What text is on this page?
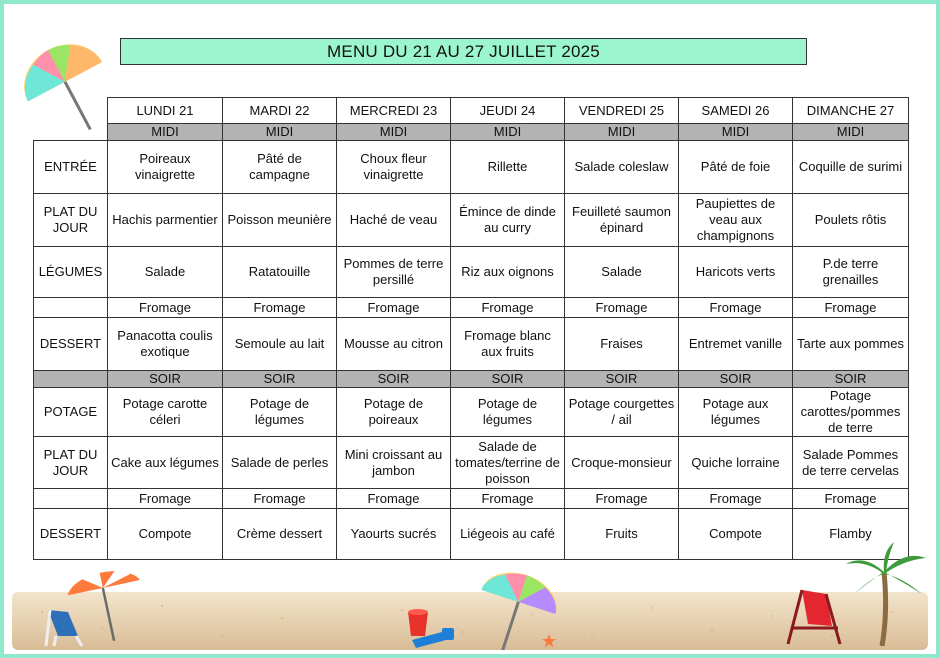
MENU DU 21 AU 27 JUILLET 2025
	LUNDI 21	MARDI 22	MERCREDI 23	JEUDI 24	VENDREDI 25	SAMEDI 26	DIMANCHE 27
	MIDI	MIDI	MIDI	MIDI	MIDI	MIDI	MIDI
ENTRÉE	Poireaux vinaigrette	Pâté de campagne	Choux fleur vinaigrette	Rillette	Salade coleslaw	Pâté de foie	Coquille de surimi
PLAT DU JOUR	Hachis parmentier	Poisson meunière	Haché de veau	Émince de dinde au curry	Feuilleté saumon épinard	Paupiettes de veau aux champignons	Poulets rôtis
LÉGUMES	Salade	Ratatouille	Pommes de terre persillé	Riz aux oignons	Salade	Haricots verts	P.de terre grenailles
	Fromage	Fromage	Fromage	Fromage	Fromage	Fromage	Fromage
DESSERT	Panacotta coulis exotique	Semoule au lait	Mousse au citron	Fromage blanc aux fruits	Fraises	Entremet vanille	Tarte aux pommes
	SOIR	SOIR	SOIR	SOIR	SOIR	SOIR	SOIR
POTAGE	Potage carotte céleri	Potage de légumes	Potage de poireaux	Potage de légumes	Potage courgettes / ail	Potage aux légumes	Potage carottes/pommes de terre
PLAT DU JOUR	Cake aux légumes	Salade de perles	Mini croissant au jambon	Salade de tomates/terrine de poisson	Croque-monsieur	Quiche lorraine	Salade Pommes de terre cervelas
	Fromage	Fromage	Fromage	Fromage	Fromage	Fromage	Fromage
DESSERT	Compote	Crème dessert	Yaourts sucrés	Liégeois au café	Fruits	Compote	Flamby
